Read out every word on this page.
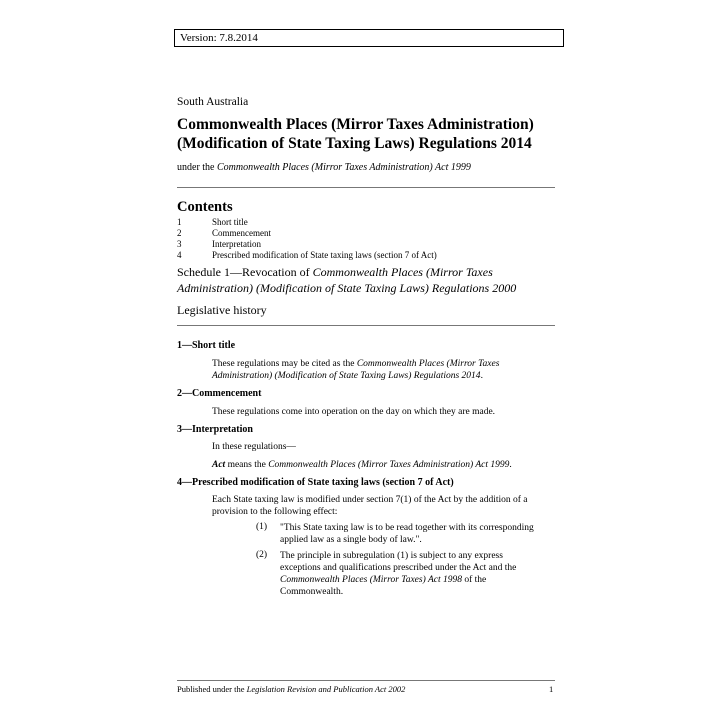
Version: 7.8.2014
South Australia
Commonwealth Places (Mirror Taxes Administration)
(Modification of State Taxing Laws) Regulations 2014
under the Commonwealth Places (Mirror Taxes Administration) Act 1999
Contents
1	Short title
2	Commencement
3	Interpretation
4	Prescribed modification of State taxing laws (section 7 of Act)
Schedule 1—Revocation of Commonwealth Places (Mirror Taxes
Administration) (Modification of State Taxing Laws) Regulations 2000
Legislative history
1—Short title
These regulations may be cited as the Commonwealth Places (Mirror Taxes
Administration) (Modification of State Taxing Laws) Regulations 2014.
2—Commencement
These regulations come into operation on the day on which they are made.
3—Interpretation
In these regulations—
Act means the Commonwealth Places (Mirror Taxes Administration) Act 1999.
4—Prescribed modification of State taxing laws (section 7 of Act)
Each State taxing law is modified under section 7(1) of the Act by the addition of a
provision to the following effect:
(1) "This State taxing law is to be read together with its corresponding
applied law as a single body of law.".
(2) The principle in subregulation (1) is subject to any express
exceptions and qualifications prescribed under the Act and the
Commonwealth Places (Mirror Taxes) Act 1998 of the
Commonwealth.
Published under the Legislation Revision and Publication Act 2002	1
